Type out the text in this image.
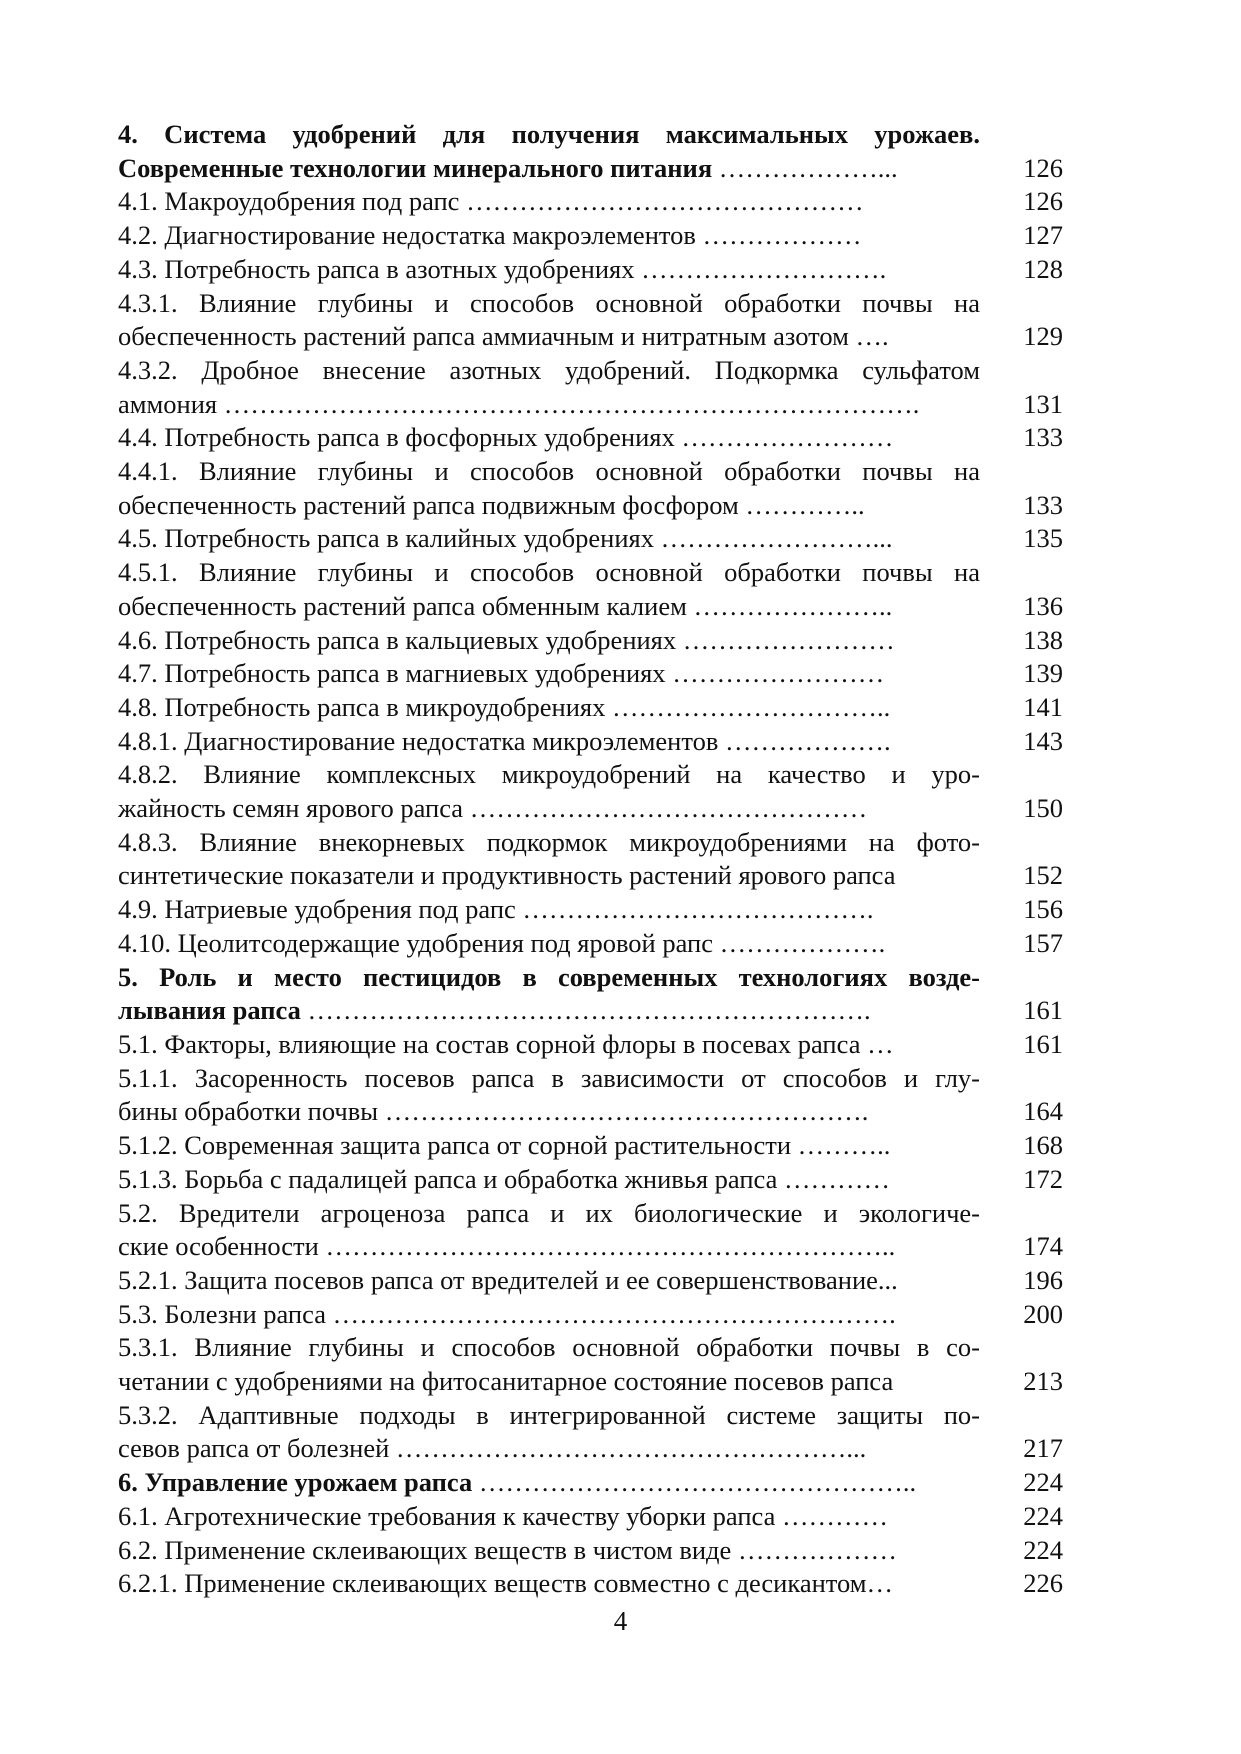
4. Система удобрений для получения максимальных урожаев.
Современные технологии минерального питания ………………...	126
4.1. Макроудобрения под рапс ………………………………………	126
4.2. Диагностирование недостатка макроэлементов ………………	127
4.3. Потребность рапса в азотных удобрениях ……………………….	128
4.3.1. Влияние глубины и способов основной обработки почвы на
обеспеченность растений рапса аммиачным и нитратным азотом ….	129
4.3.2. Дробное внесение азотных удобрений. Подкормка сульфатом
аммония …………………………………………………………………….	131
4.4. Потребность рапса в фосфорных удобрениях ……………………	133
4.4.1. Влияние глубины и способов основной обработки почвы на
обеспеченность растений рапса подвижным фосфором …………..	133
4.5. Потребность рапса в калийных удобрениях ……………………...	135
4.5.1. Влияние глубины и способов основной обработки почвы на
обеспеченность растений рапса обменным калием …………………..	136
4.6. Потребность рапса в кальциевых удобрениях ……………………	138
4.7. Потребность рапса в магниевых удобрениях ……………………	139
4.8. Потребность рапса в микроудобрениях …………………………..	141
4.8.1. Диагностирование недостатка микроэлементов ……………….	143
4.8.2. Влияние комплексных микроудобрений на качество и уро-
жайность семян ярового рапса ………………………………………	150
4.8.3. Влияние внекорневых подкормок микроудобрениями на фото-
синтетические показатели и продуктивность растений ярового рапса	152
4.9. Натриевые удобрения под рапс ………………………………….	156
4.10. Цеолитсодержащие удобрения под яровой рапс ……………….	157
5. Роль и место пестицидов в современных технологиях возде-
лывания рапса ……………………………………………………….	161
5.1. Факторы, влияющие на состав сорной флоры в посевах рапса …	161
5.1.1. Засоренность посевов рапса в зависимости от способов и глу-
бины обработки почвы ……………………………………………….	164
5.1.2. Современная защита рапса от сорной растительности ………..	168
5.1.3. Борьба с падалицей рапса и обработка жнивья рапса …………	172
5.2. Вредители агроценоза рапса и их биологические и экологиче-
ские особенности ………………………………………………………..	174
5.2.1. Защита посевов рапса от вредителей и ее совершенствование...	196
5.3. Болезни рапса ……………………………………………………….	200
5.3.1. Влияние глубины и способов основной обработки почвы в со-
четании с удобрениями на фитосанитарное состояние посевов рапса	213
5.3.2. Адаптивные подходы в интегрированной системе защиты по-
севов рапса от болезней ……………………………………………...	217
6. Управление урожаем рапса …………………………………………..	224
6.1. Агротехнические требования к качеству уборки рапса …………	224
6.2. Применение склеивающих веществ в чистом виде ………………	224
6.2.1. Применение склеивающих веществ совместно с десикантом…	226
4
